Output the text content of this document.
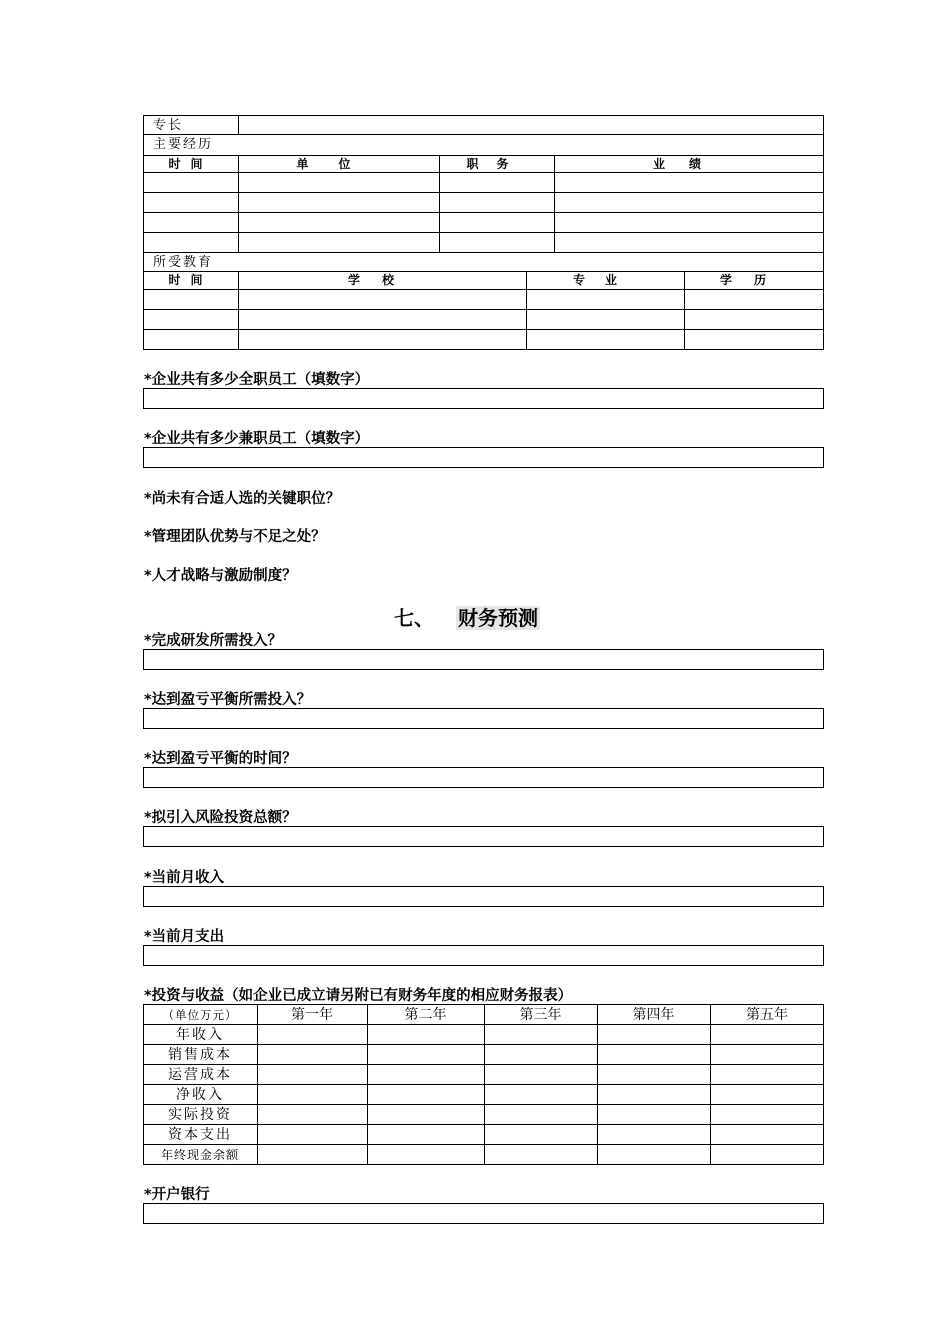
专长
主要经历
时间	单位	职务	业绩
所受教育
时间	学校	专业	学历
*企业共有多少全职员工（填数字）
*企业共有多少兼职员工（填数字）
*尚未有合适人选的关键职位？
*管理团队优势与不足之处？
*人才战略与激励制度？
七、 财务预测
*完成研发所需投入？
*达到盈亏平衡所需投入？
*达到盈亏平衡的时间？
*拟引入风险投资总额？
*当前月收入
*当前月支出
*投资与收益（如企业已成立请另附已有财务年度的相应财务报表）
（单位万元）	第一年	第二年	第三年	第四年	第五年
年收入
销售成本
运营成本
净收入
实际投资
资本支出
年终现金余额
*开户银行
